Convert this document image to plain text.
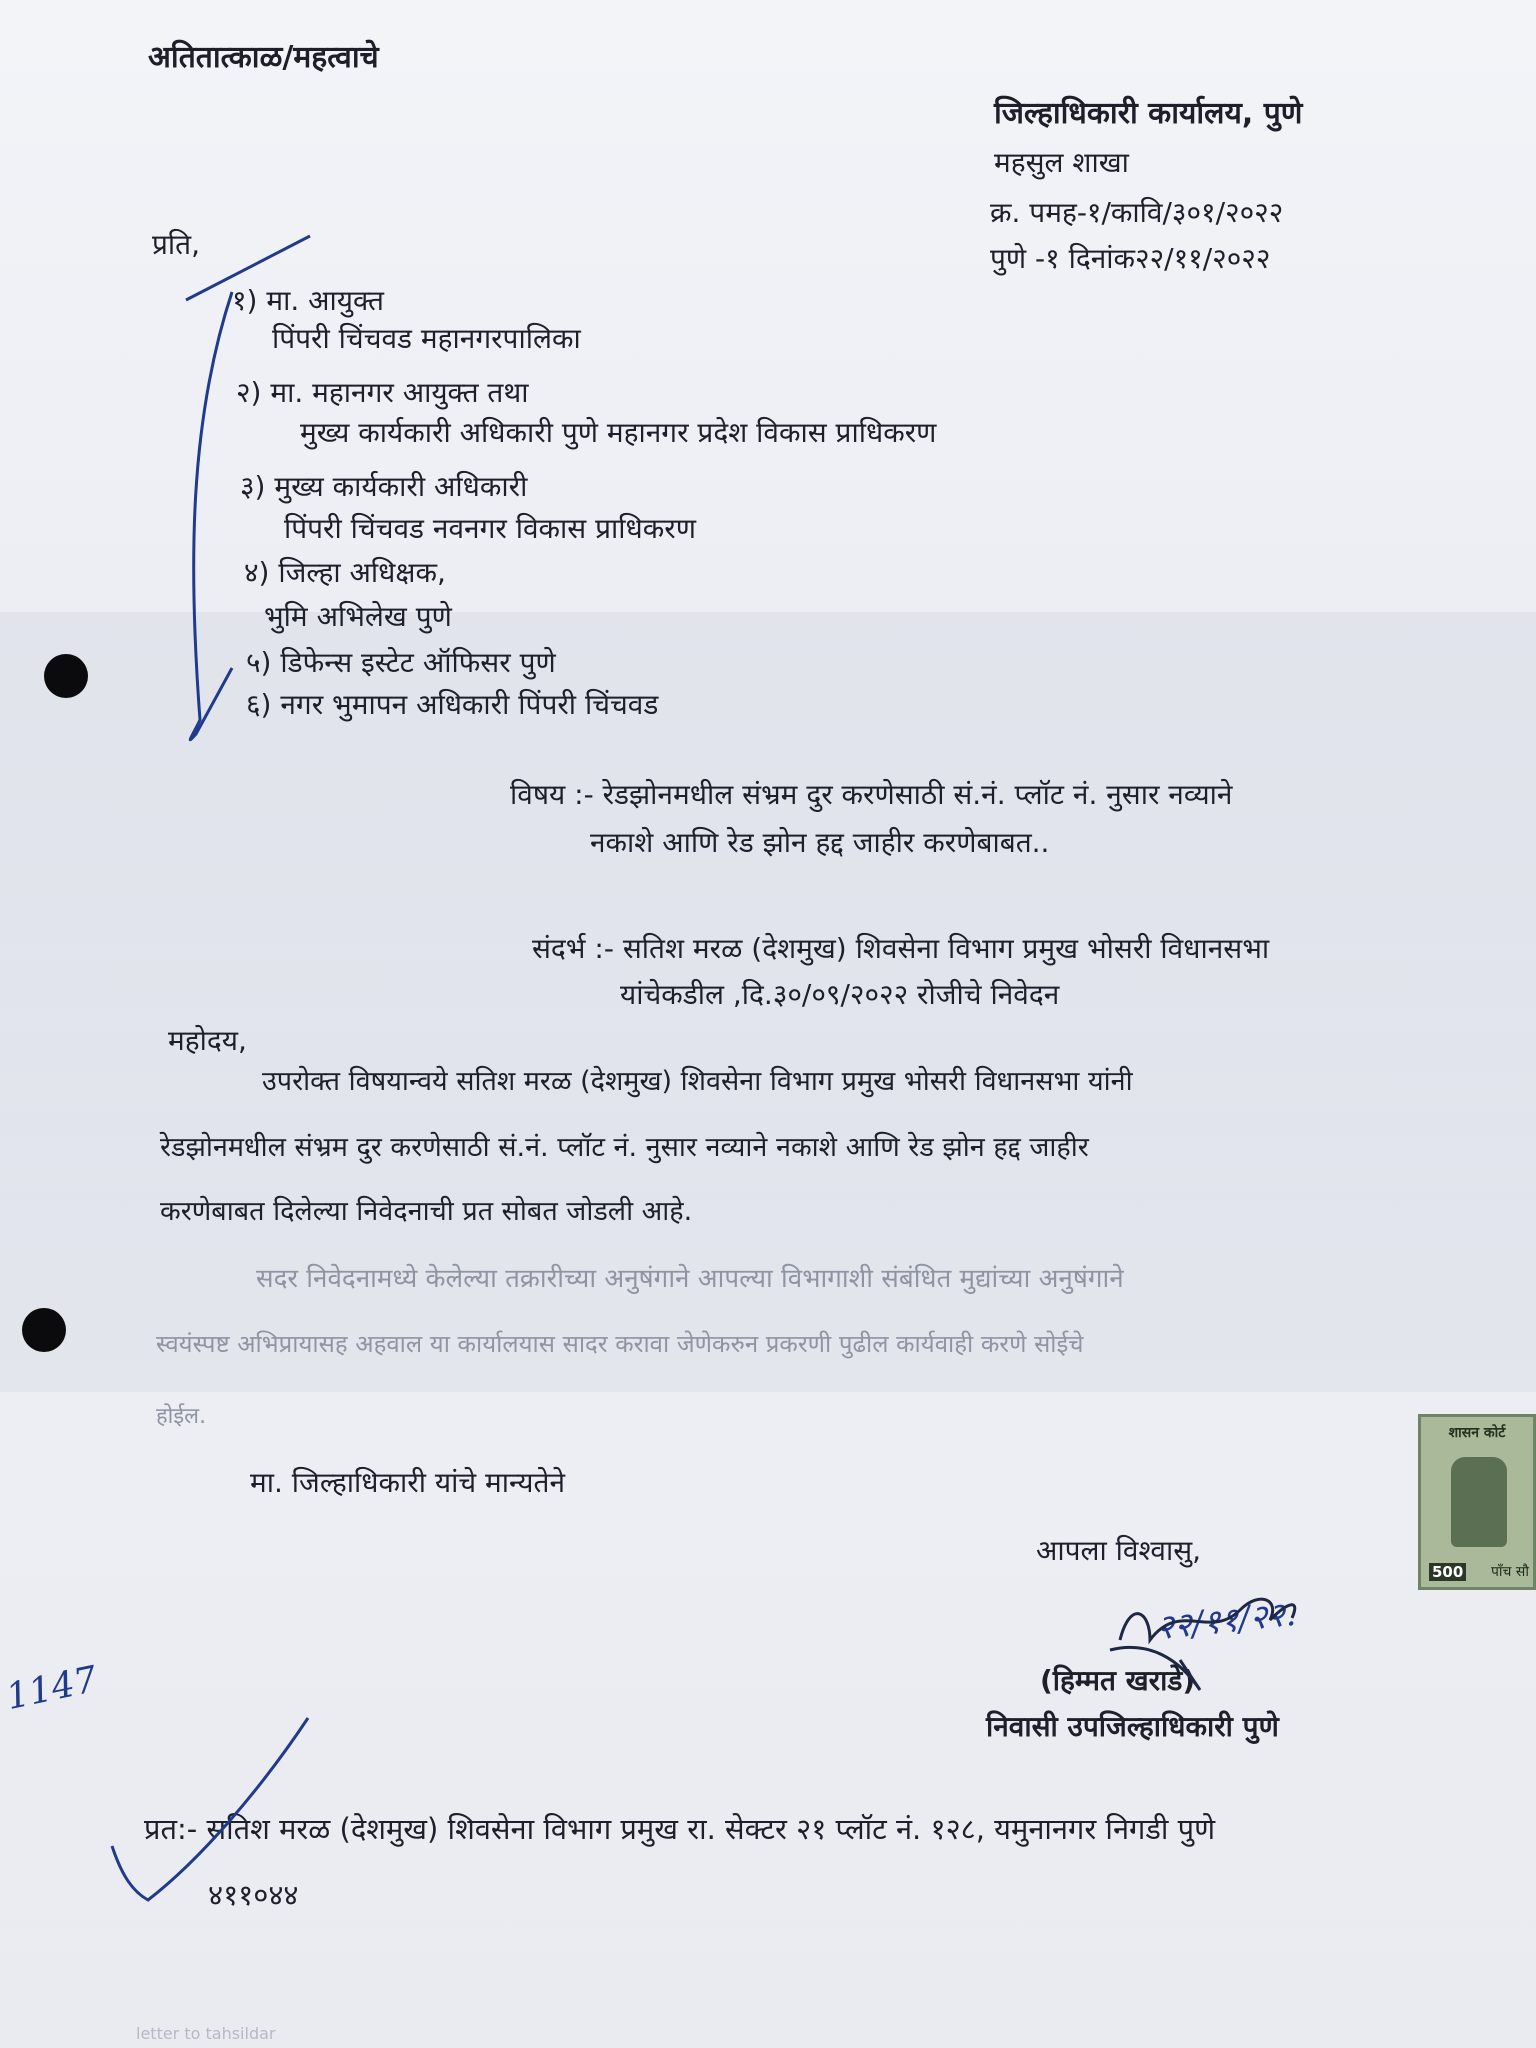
अतितात्काळ/महत्वाचे
जिल्हाधिकारी कार्यालय, पुणे
महसुल शाखा
क्र. पमह-१/कावि/३०१/२०२२
पुणे -१ दिनांक२२/११/२०२२
प्रति,
१) मा. आयुक्त
पिंपरी चिंचवड महानगरपालिका
२) मा. महानगर आयुक्त तथा
मुख्य कार्यकारी अधिकारी पुणे महानगर प्रदेश विकास प्राधिकरण
३) मुख्य कार्यकारी अधिकारी
पिंपरी चिंचवड नवनगर विकास प्राधिकरण
४) जिल्हा अधिक्षक,
भुमि अभिलेख पुणे
५) डिफेन्स इस्टेट ऑफिसर पुणे
६) नगर भुमापन अधिकारी पिंपरी चिंचवड
विषय :- रेडझोनमधील संभ्रम दुर करणेसाठी सं.नं. प्लॉट नं. नुसार नव्याने
नकाशे आणि रेड झोन हद्द जाहीर करणेबाबत..
संदर्भ :- सतिश मरळ (देशमुख) शिवसेना विभाग प्रमुख भोसरी विधानसभा
यांचेकडील ,दि.३०/०९/२०२२ रोजीचे निवेदन
महोदय,
उपरोक्त विषयान्वये सतिश मरळ (देशमुख) शिवसेना विभाग प्रमुख भोसरी विधानसभा यांनी
रेडझोनमधील संभ्रम दुर करणेसाठी सं.नं. प्लॉट नं. नुसार नव्याने नकाशे आणि रेड झोन हद्द जाहीर
करणेबाबत दिलेल्या निवेदनाची प्रत सोबत जोडली आहे.
सदर निवेदनामध्ये केलेल्या तक्रारीच्या अनुषंगाने आपल्या विभागाशी संबंधित मुद्यांच्या अनुषंगाने
स्वयंस्पष्ट अभिप्रायासह अहवाल या कार्यालयास सादर करावा जेणेकरुन प्रकरणी पुढील कार्यवाही करणे सोईचे
होईल.
मा. जिल्हाधिकारी यांचे मान्यतेने
शासन कोर्ट
500 पाँच सौ
आपला विश्वासु,
२२/११/२२.
(हिम्मत खराडे)
निवासी उपजिल्हाधिकारी पुणे
प्रत:- सतिश मरळ (देशमुख) शिवसेना विभाग प्रमुख रा. सेक्टर २१ प्लॉट नं. १२८, यमुनानगर निगडी पुणे
४११०४४
1147
letter to tahsildar
